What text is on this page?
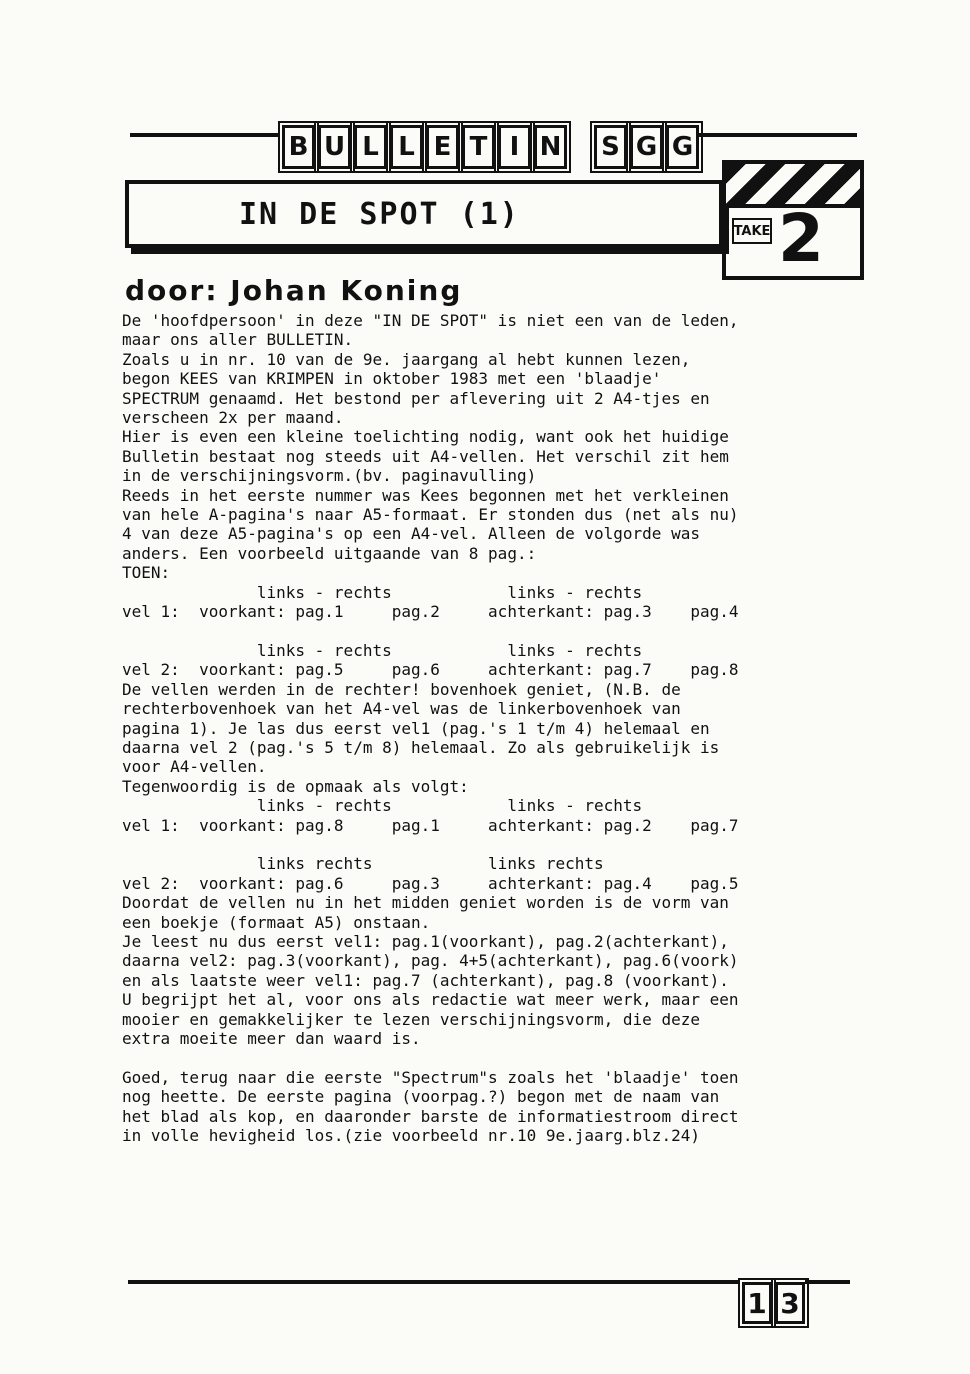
B U L L E T I N S G G
IN DE SPOT (1)	TAKE 2
door: Johan Koning
De 'hoofdpersoon' in deze "IN DE SPOT" is niet een van de leden,
maar ons aller BULLETIN.
Zoals u in nr. 10 van de 9e. jaargang al hebt kunnen lezen,
begon KEES van KRIMPEN in oktober 1983 met een 'blaadje'
SPECTRUM genaamd. Het bestond per aflevering uit 2 A4-tjes en
verscheen 2x per maand.
Hier is even een kleine toelichting nodig, want ook het huidige
Bulletin bestaat nog steeds uit A4-vellen. Het verschil zit hem
in de verschijningsvorm.(bv. paginavulling)
Reeds in het eerste nummer was Kees begonnen met het verkleinen
van hele A-pagina's naar A5-formaat. Er stonden dus (net als nu)
4 van deze A5-pagina's op een A4-vel. Alleen de volgorde was
anders. Een voorbeeld uitgaande van 8 pag.:
TOEN:
links - rechts            links - rechts
vel 1:  voorkant: pag.1     pag.2     achterkant: pag.3    pag.4

links - rechts            links - rechts
vel 2:  voorkant: pag.5     pag.6     achterkant: pag.7    pag.8
De vellen werden in de rechter! bovenhoek geniet, (N.B. de
rechterbovenhoek van het A4-vel was de linkerbovenhoek van
pagina 1). Je las dus eerst vel1 (pag.'s 1 t/m 4) helemaal en
daarna vel 2 (pag.'s 5 t/m 8) helemaal. Zo als gebruikelijk is
voor A4-vellen.
Tegenwoordig is de opmaak als volgt:
links - rechts            links - rechts
vel 1:  voorkant: pag.8     pag.1     achterkant: pag.2    pag.7

links rechts            links rechts
vel 2:  voorkant: pag.6     pag.3     achterkant: pag.4    pag.5
Doordat de vellen nu in het midden geniet worden is de vorm van
een boekje (formaat A5) onstaan.
Je leest nu dus eerst vel1: pag.1(voorkant), pag.2(achterkant),
daarna vel2: pag.3(voorkant), pag. 4+5(achterkant), pag.6(voork)
en als laatste weer vel1: pag.7 (achterkant), pag.8 (voorkant).
U begrijpt het al, voor ons als redactie wat meer werk, maar een
mooier en gemakkelijker te lezen verschijningsvorm, die deze
extra moeite meer dan waard is.

Goed, terug naar die eerste "Spectrum"s zoals het 'blaadje' toen
nog heette. De eerste pagina (voorpag.?) begon met de naam van
het blad als kop, en daaronder barste de informatiestroom direct
in volle hevigheid los.(zie voorbeeld nr.10 9e.jaarg.blz.24)
1 3
